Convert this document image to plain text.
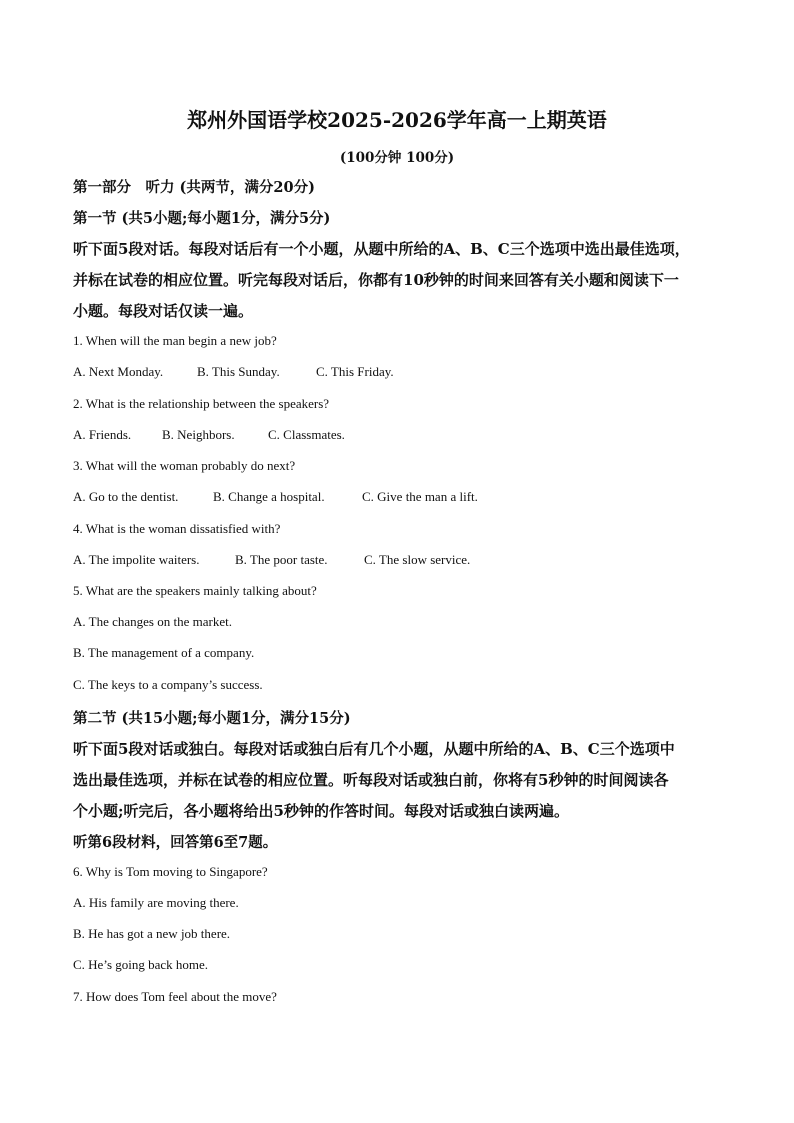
郑州外国语学校2025-2026学年高一上期英语
(100分钟 100分)
第一部分　听力 (共两节，满分20分)
第一节 (共5小题;每小题1分，满分5分)
听下面5段对话。每段对话后有一个小题，从题中所给的A、B、C三个选项中选出最佳选项，
并标在试卷的相应位置。听完每段对话后，你都有10秒钟的时间来回答有关小题和阅读下一
小题。每段对话仅读一遍。
1. When will the man begin a new job?
A. Next Monday.	B. This Sunday.	C. This Friday.
2. What is the relationship between the speakers?
A. Friends. B. Neighbors.	C. Classmates.
3. What will the woman probably do next?
A. Go to the dentist.	B. Change a hospital.	C. Give the man a lift.
4. What is the woman dissatisfied with?
A. The impolite waiters.	B. The poor taste.	C. The slow service.
5. What are the speakers mainly talking about?
A. The changes on the market.
B. The management of a company.
C. The keys to a company’s success.
第二节 (共15小题;每小题1分，满分15分)
听下面5段对话或独白。每段对话或独白后有几个小题，从题中所给的A、B、C三个选项中
选出最佳选项，并标在试卷的相应位置。听每段对话或独白前，你将有5秒钟的时间阅读各
个小题;听完后，各小题将给出5秒钟的作答时间。每段对话或独白读两遍。
听第6段材料，回答第6至7题。
6. Why is Tom moving to Singapore?
A. His family are moving there.
B. He has got a new job there.
C. He’s going back home.
7. How does Tom feel about the move?
